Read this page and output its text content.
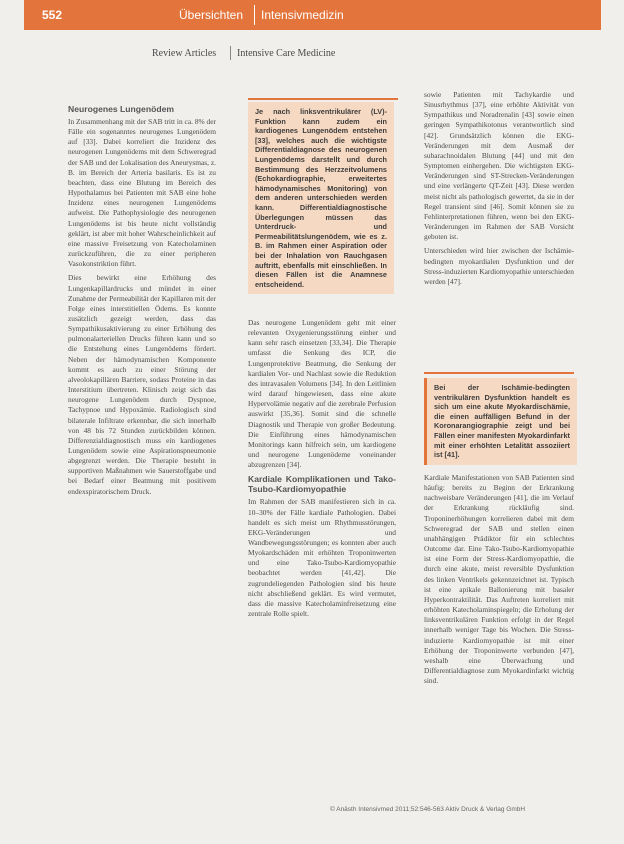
552	Übersichten Intensivmedizin
Review Articles Intensive Care Medicine
Neurogenes Lungenödem

In Zusammenhang mit der SAB tritt in ca. 8% der Fälle ein sogenanntes neurogenes Lungenödem auf [33]. Dabei korreliert die Inzidenz des neurogenen Lungenödems mit dem Schweregrad der SAB und der Lokalisation des Aneurysmas, z. B. im Bereich der Arteria basilaris. Es ist zu beachten, dass eine Blutung im Bereich des Hypothalamus bei Patienten mit SAB eine hohe Inzidenz eines neurogenen Lungenödems aufweist. Die Pathophysiologie des neurogenen Lungenödems ist bis heute nicht vollständig geklärt, ist aber mit hoher Wahrscheinlichkeit auf eine massive Freisetzung von Katecholaminen zurückzuführen, die zu einer peripheren Vasokonstriktion führt.

Dies bewirkt eine Erhöhung des Lungenkapillardrucks und mündet in einer Zunahme der Permeabilität der Kapillaren mit der Folge eines interstitiellen Ödems. Es konnte zusätzlich gezeigt werden, dass das Sympathikusaktivierung zu einer Erhöhung des pulmonalarteriellen Drucks führen kann und so die Entstehung eines Lungenödems fördert. Neben der hämodynamischen Komponente kommt es auch zu einer Störung der alveolokapillären Barriere, sodass Proteine in das Interstitium übertreten. Klinisch zeigt sich das neurogene Lungenödem durch Dyspnoe, Tachypnoe und Hypoxämie. Radiologisch sind bilaterale Infiltrate erkennbar, die sich innerhalb von 48 bis 72 Stunden zurückbilden können. Differenzialdiagnostisch muss ein kardiogenes Lungenödem sowie eine Aspirationspneumonie abgegrenzt werden. Die Therapie besteht in supportiven Maßnahmen wie Sauerstoffgabe und bei Bedarf einer Beatmung mit positivem endexspiratorischem Druck.

Je nach linksventrikulärer (LV)-Funktion kann zudem ein kardiogenes Lungenödem entstehen [33], welches auch die wichtigste Differentialdiagnose des neurogenen Lungenödems darstellt und durch Bestimmung des Herzzeitvolumens (Echokardiographie, erweitertes hämodynamisches Monitoring) von dem anderen unterschieden werden kann. Differentialdiagnostische Überlegungen müssen das Unterdruck- und Permeabilitätslungenödem, wie es z. B. im Rahmen einer Aspiration oder bei der Inhalation von Rauchgasen auftritt, ebenfalls mit einschließen. In diesen Fällen ist die Anamnese entscheidend.

Das neurogene Lungenödem geht mit einer relevanten Oxygenierungsstörung einher und kann sehr rasch einsetzen [33,34]. Die Therapie umfasst die Senkung des ICP, die Lungenprotektive Beatmung, die Senkung der kardialen Vor- und Nachlast sowie die Reduktion des intravasalen Volumens [34]. In den Leitlinien wird darauf hingewiesen, dass eine akute Hypervolämie negativ auf die zerebrale Perfusion auswirkt [35,36]. Somit sind die schnelle Diagnostik und Therapie von großer Bedeutung. Die Einführung eines hämodynamischen Monitorings kann hilfreich sein, um kardiogene und neurogene Lungenödeme voneinander abzugrenzen [34].

Kardiale Komplikationen und Tako-Tsubo-Kardiomyopathie

Im Rahmen der SAB manifestieren sich in ca. 10–30% der Fälle kardiale Pathologien. Dabei handelt es sich meist um Rhythmusstörungen, EKG-Veränderungen und Wandbewegungsstörungen; es konnten aber auch Myokardschäden mit erhöhten Troponinwerten und eine Tako-Tsubo-Kardiomyopathie beobachtet werden [41,42]. Die zugrundeliegenden Pathologien sind bis heute nicht abschließend geklärt. Es wird vermutet, dass die massive Katecholaminfreisetzung eine zentrale Rolle spielt.

sowie Patienten mit Tachykardie und Sinusrhythmus [37], eine erhöhte Aktivität von Sympathikus und Noradrenalin [43] sowie einen geringen Sympathikotonus verantwortlich sind [42]. Grundsätzlich können die EKG-Veränderungen mit dem Ausmaß der subarachnoidalen Blutung [44] und mit den Symptomen einhergehen. Die wichtigsten EKG-Veränderungen sind ST-Strecken-Veränderungen und eine verlängerte QT-Zeit [43]. Diese werden meist nicht als pathologisch gewertet, da sie in der Regel transient sind [46]. Somit können sie zu Fehlinterpretationen führen, wenn bei den EKG-Veränderungen im Rahmen der SAB Vorsicht geboten ist.

Unterschieden wird hier zwischen der Ischämie-bedingten myokardialen Dysfunktion und der Stress-induzierten Kardiomyopathie unterschieden werden [47].

Bei der Ischämie-bedingten ventrikulären Dysfunktion handelt es sich um eine akute Myokardischämie, die einen auffälligen Befund in der Koronarangiographie zeigt und bei Fällen einer manifesten Myokardinfarkt mit einer erhöhten Letalität assoziiert ist [41].

Kardiale Manifestationen von SAB Patienten sind häufig: bereits zu Beginn der Erkrankung nachweisbare Veränderungen [41], die im Verlauf der Erkrankung rückläufig sind. Troponinerhöhungen korrelieren dabei mit dem Schweregrad der SAB und stellen einen unabhängigen Prädiktor für ein schlechtes Outcome dar. Eine Tako-Tsubo-Kardiomyopathie ist eine Form der Stress-Kardiomyopathie, die durch eine akute, meist reversible Dysfunktion des linken Ventrikels gekennzeichnet ist. Typisch ist eine apikale Ballonierung mit basaler Hyperkontraktilität. Das Auftreten korreliert mit erhöhten Katecholaminspiegeln; die Erholung der linksventrikulären Funktion erfolgt in der Regel innerhalb weniger Tage bis Wochen. Die Stress-induzierte Kardiomyopathie ist mit einer Erhöhung der Troponinwerte verbunden [47], weshalb eine Überwachung und Differentialdiagnose zum Myokardinfarkt wichtig sind.

© Anästh Intensivmed 2011;52:546-563 Aktiv Druck & Verlag GmbH
